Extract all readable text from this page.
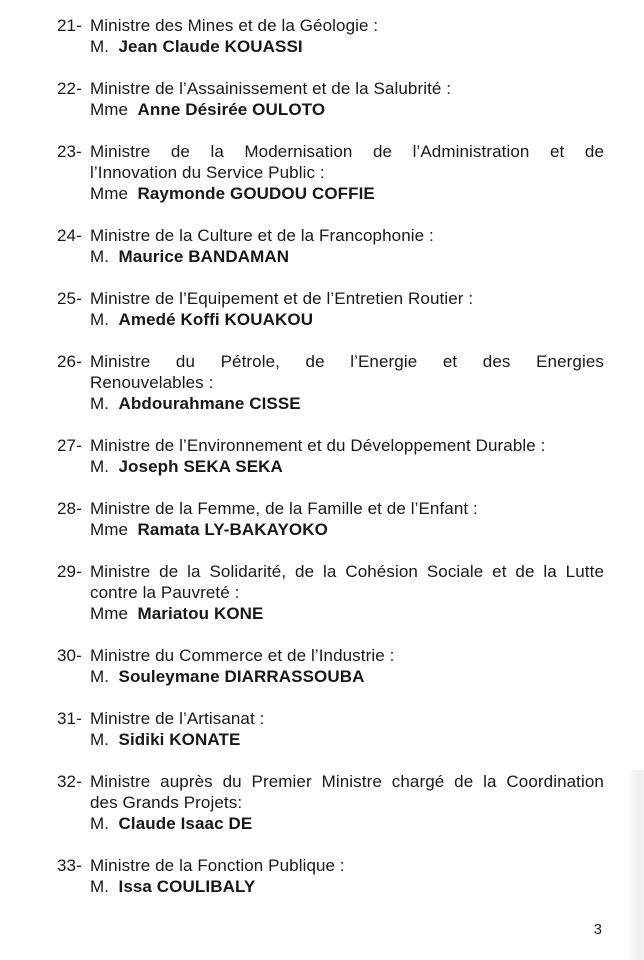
21- Ministre des Mines et de la Géologie :
M. Jean Claude KOUASSI
22- Ministre de l’Assainissement et de la Salubrité :
Mme Anne Désirée OULOTO
23- Ministre de la Modernisation de l’Administration et de
l’Innovation du Service Public :
Mme Raymonde GOUDOU COFFIE
24- Ministre de la Culture et de la Francophonie :
M. Maurice BANDAMAN
25- Ministre de l’Equipement et de l’Entretien Routier :
M. Amedé Koffi KOUAKOU
26- Ministre du Pétrole, de l’Energie et des Energies
Renouvelables :
M. Abdourahmane CISSE
27- Ministre de l’Environnement et du Développement Durable :
M. Joseph SEKA SEKA
28- Ministre de la Femme, de la Famille et de l’Enfant :
Mme Ramata LY-BAKAYOKO
29- Ministre de la Solidarité, de la Cohésion Sociale et de la Lutte
contre la Pauvreté :
Mme Mariatou KONE
30- Ministre du Commerce et de l’Industrie :
M. Souleymane DIARRASSOUBA
31- Ministre de l’Artisanat :
M. Sidiki KONATE
32- Ministre auprès du Premier Ministre chargé de la Coordination
des Grands Projets:
M. Claude Isaac DE
33- Ministre de la Fonction Publique :
M. Issa COULIBALY
3
